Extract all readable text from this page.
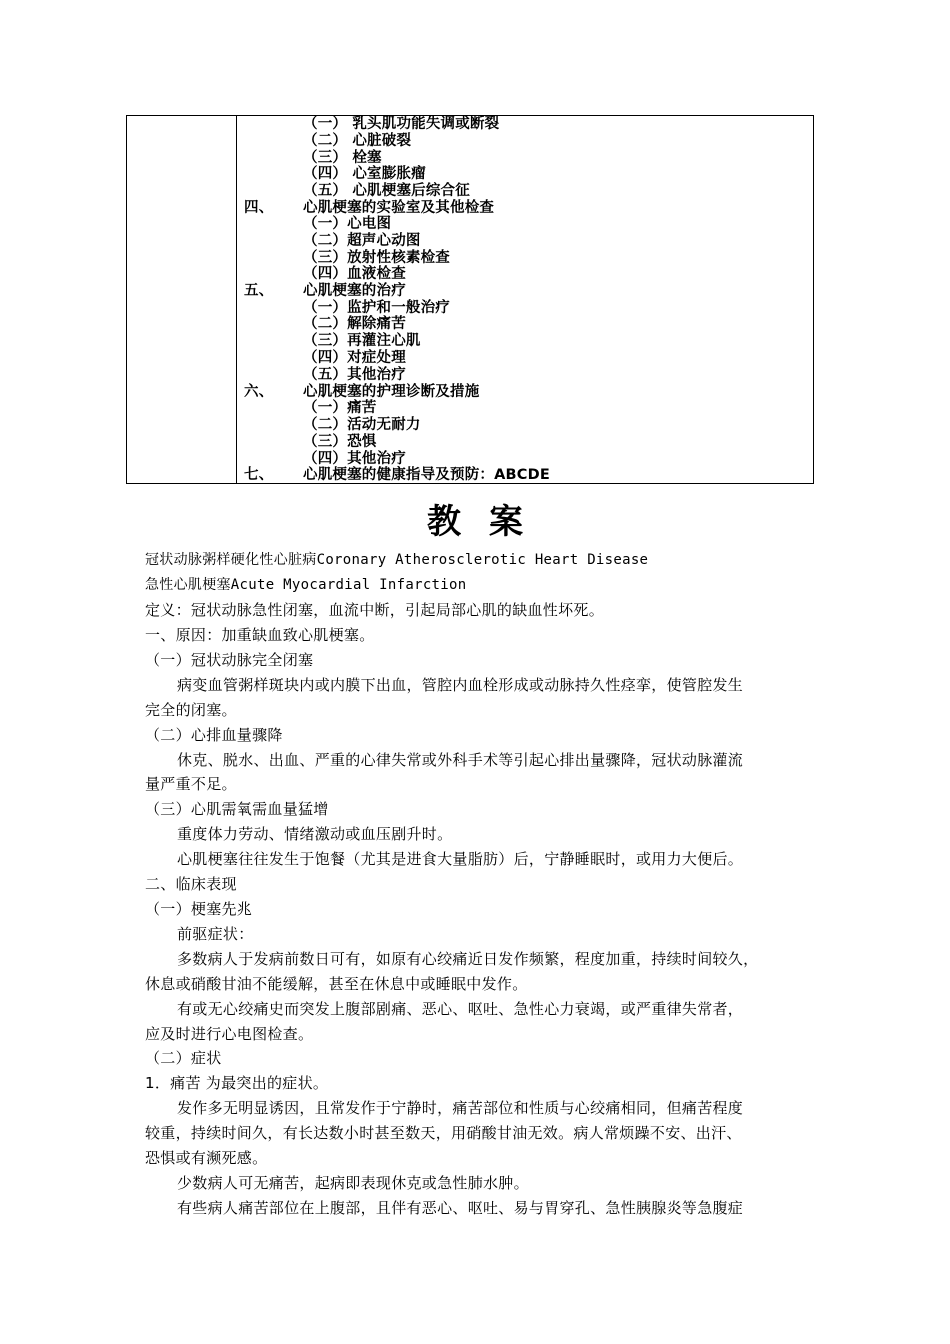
（一） 乳头肌功能失调或断裂
（二） 心脏破裂
（三） 栓塞
（四） 心室膨胀瘤
（五） 心肌梗塞后综合征
四、 心肌梗塞的实验室及其他检查
（一）心电图
（二）超声心动图
（三）放射性核素检查
（四）血液检查
五、 心肌梗塞的治疗
（一）监护和一般治疗
（二）解除痛苦
（三）再灌注心肌
（四）对症处理
（五）其他治疗
六、 心肌梗塞的护理诊断及措施
（一）痛苦
（二）活动无耐力
（三）恐惧
（四）其他治疗
七、 心肌梗塞的健康指导及预防：ABCDE
教案
冠状动脉粥样硬化性心脏病Coronary Atherosclerotic Heart Disease
急性心肌梗塞Acute Myocardial Infarction
定义：冠状动脉急性闭塞，血流中断，引起局部心肌的缺血性坏死。
一、原因：加重缺血致心肌梗塞。
（一）冠状动脉完全闭塞
病变血管粥样斑块内或内膜下出血，管腔内血栓形成或动脉持久性痉挛，使管腔发生
完全的闭塞。
（二）心排血量骤降
休克、脱水、出血、严重的心律失常或外科手术等引起心排出量骤降，冠状动脉灌流
量严重不足。
（三）心肌需氧需血量猛增
重度体力劳动、情绪激动或血压剧升时。
心肌梗塞往往发生于饱餐（尤其是进食大量脂肪）后，宁静睡眠时，或用力大便后。
二、临床表现
（一）梗塞先兆
前驱症状：
多数病人于发病前数日可有，如原有心绞痛近日发作频繁，程度加重，持续时间较久，
休息或硝酸甘油不能缓解，甚至在休息中或睡眠中发作。
有或无心绞痛史而突发上腹部剧痛、恶心、呕吐、急性心力衰竭，或严重律失常者，
应及时进行心电图检查。
（二）症状
1．痛苦 为最突出的症状。
发作多无明显诱因，且常发作于宁静时，痛苦部位和性质与心绞痛相同，但痛苦程度
较重，持续时间久，有长达数小时甚至数天，用硝酸甘油无效。病人常烦躁不安、出汗、
恐惧或有濒死感。
少数病人可无痛苦，起病即表现休克或急性肺水肿。
有些病人痛苦部位在上腹部，且伴有恶心、呕吐、易与胃穿孔、急性胰腺炎等急腹症
